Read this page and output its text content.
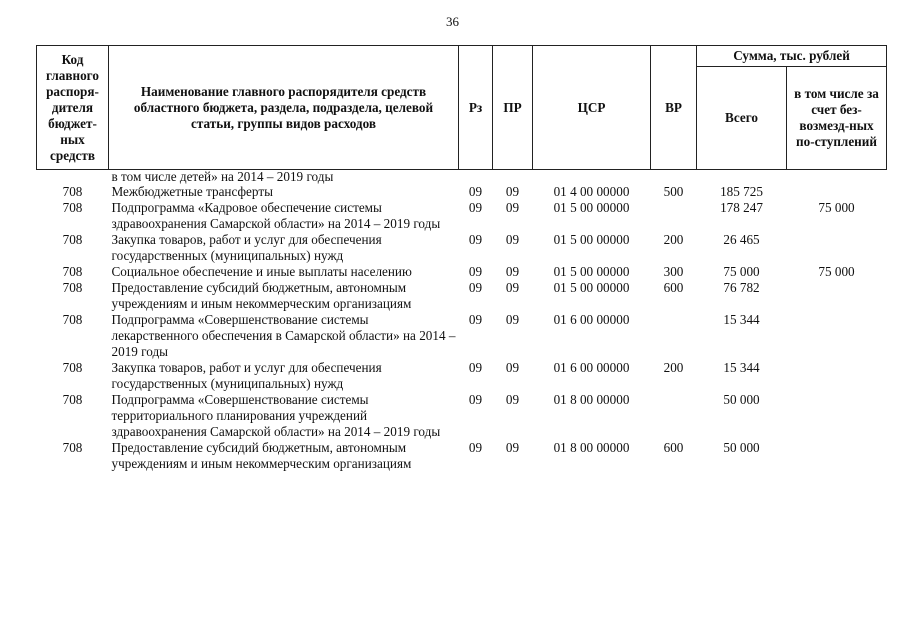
36
Код главного распоря-дителя бюджет-ных средств	Наименование главного распорядителя средств областного бюджета, раздела, подраздела, целевой статьи, группы видов расходов	Рз	ПР	ЦСР	ВР	Сумма, тыс. рублей	
						Всего	в том числе за счет без-возмезд-ных по-ступлений
	в том числе детей» на 2014 – 2019 годы						
708	Межбюджетные трансферты	09	09	01 4 00 00000	500	185 725	
708	Подпрограмма «Кадровое обеспечение системы здравоохранения Самарской области» на 2014 – 2019 годы	09	09	01 5 00 00000		178 247	75 000
708	Закупка товаров, работ и услуг для обеспечения государственных (муниципальных) нужд	09	09	01 5 00 00000	200	26 465	
708	Социальное обеспечение и иные выплаты населению	09	09	01 5 00 00000	300	75 000	75 000
708	Предоставление субсидий бюджетным, автономным учреждениям и иным некоммерческим организациям	09	09	01 5 00 00000	600	76 782	
708	Подпрограмма «Совершенствование системы лекарственного обеспечения в Самарской области» на 2014 – 2019 годы	09	09	01 6 00 00000		15 344	
708	Закупка товаров, работ и услуг для обеспечения государственных (муниципальных) нужд	09	09	01 6 00 00000	200	15 344	
708	Подпрограмма «Совершенствование системы территориального планирования учреждений здравоохранения Самарской области» на 2014 – 2019 годы	09	09	01 8 00 00000		50 000	
708	Предоставление субсидий бюджетным, автономным учреждениям и иным некоммерческим организациям	09	09	01 8 00 00000	600	50 000	
